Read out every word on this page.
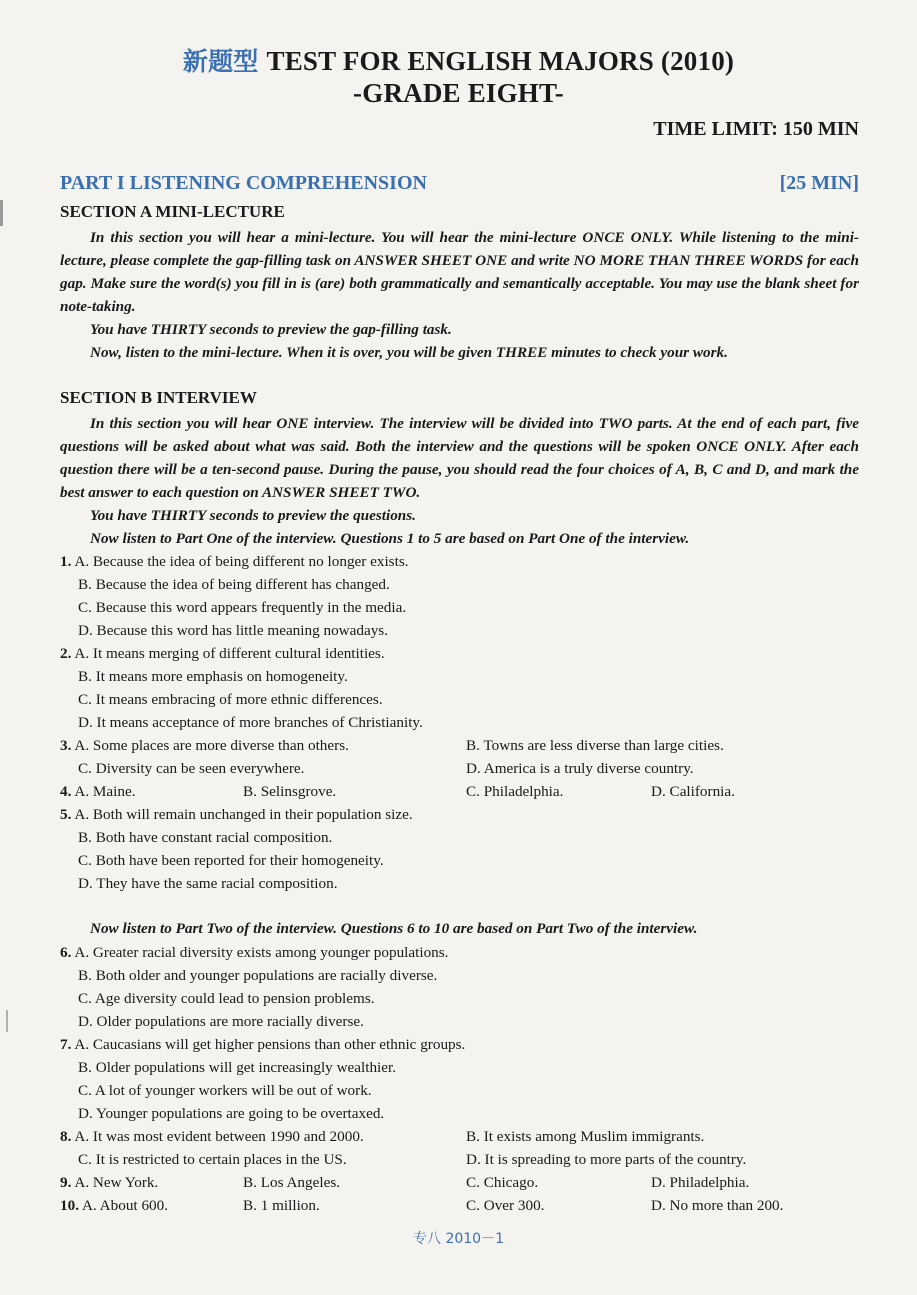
新题型 TEST FOR ENGLISH MAJORS (2010)
-GRADE EIGHT-
TIME LIMIT: 150 MIN
PART I LISTENING COMPREHENSION	[25 MIN]
SECTION A MINI-LECTURE

In this section you will hear a mini-lecture. You will hear the mini-lecture ONCE ONLY. While listening to the mini-lecture, please complete the gap-filling task on ANSWER SHEET ONE and write NO MORE THAN THREE WORDS for each gap. Make sure the word(s) you fill in is (are) both grammatically and semantically acceptable. You may use the blank sheet for note-taking.

You have THIRTY seconds to preview the gap-filling task.

Now, listen to the mini-lecture. When it is over, you will be given THREE minutes to check your work.

SECTION B INTERVIEW

In this section you will hear ONE interview. The interview will be divided into TWO parts. At the end of each part, five questions will be asked about what was said. Both the interview and the questions will be spoken ONCE ONLY. After each question there will be a ten-second pause. During the pause, you should read the four choices of A, B, C and D, and mark the best answer to each question on ANSWER SHEET TWO.

You have THIRTY seconds to preview the questions.

Now listen to Part One of the interview. Questions 1 to 5 are based on Part One of the interview.

1. A. Because the idea of being different no longer exists.
B. Because the idea of being different has changed.
C. Because this word appears frequently in the media.
D. Because this word has little meaning nowadays.
2. A. It means merging of different cultural identities.
B. It means more emphasis on homogeneity.
C. It means embracing of more ethnic differences.
D. It means acceptance of more branches of Christianity.
3. A. Some places are more diverse than others.	B. Towns are less diverse than large cities.
C. Diversity can be seen everywhere.	D. America is a truly diverse country.
4. A. Maine.	B. Selinsgrove.	C. Philadelphia.	D. California.
5. A. Both will remain unchanged in their population size.
B. Both have constant racial composition.
C. Both have been reported for their homogeneity.
D. They have the same racial composition.

Now listen to Part Two of the interview. Questions 6 to 10 are based on Part Two of the interview.

6. A. Greater racial diversity exists among younger populations.
B. Both older and younger populations are racially diverse.
C. Age diversity could lead to pension problems.
D. Older populations are more racially diverse.
7. A. Caucasians will get higher pensions than other ethnic groups.
B. Older populations will get increasingly wealthier.
C. A lot of younger workers will be out of work.
D. Younger populations are going to be overtaxed.
8. A. It was most evident between 1990 and 2000.	B. It exists among Muslim immigrants.
C. It is restricted to certain places in the US.	D. It is spreading to more parts of the country.
9. A. New York.	B. Los Angeles.	C. Chicago.	D. Philadelphia.
10. A. About 600.	B. 1 million.	C. Over 300.	D. No more than 200.
专八 2010－1
